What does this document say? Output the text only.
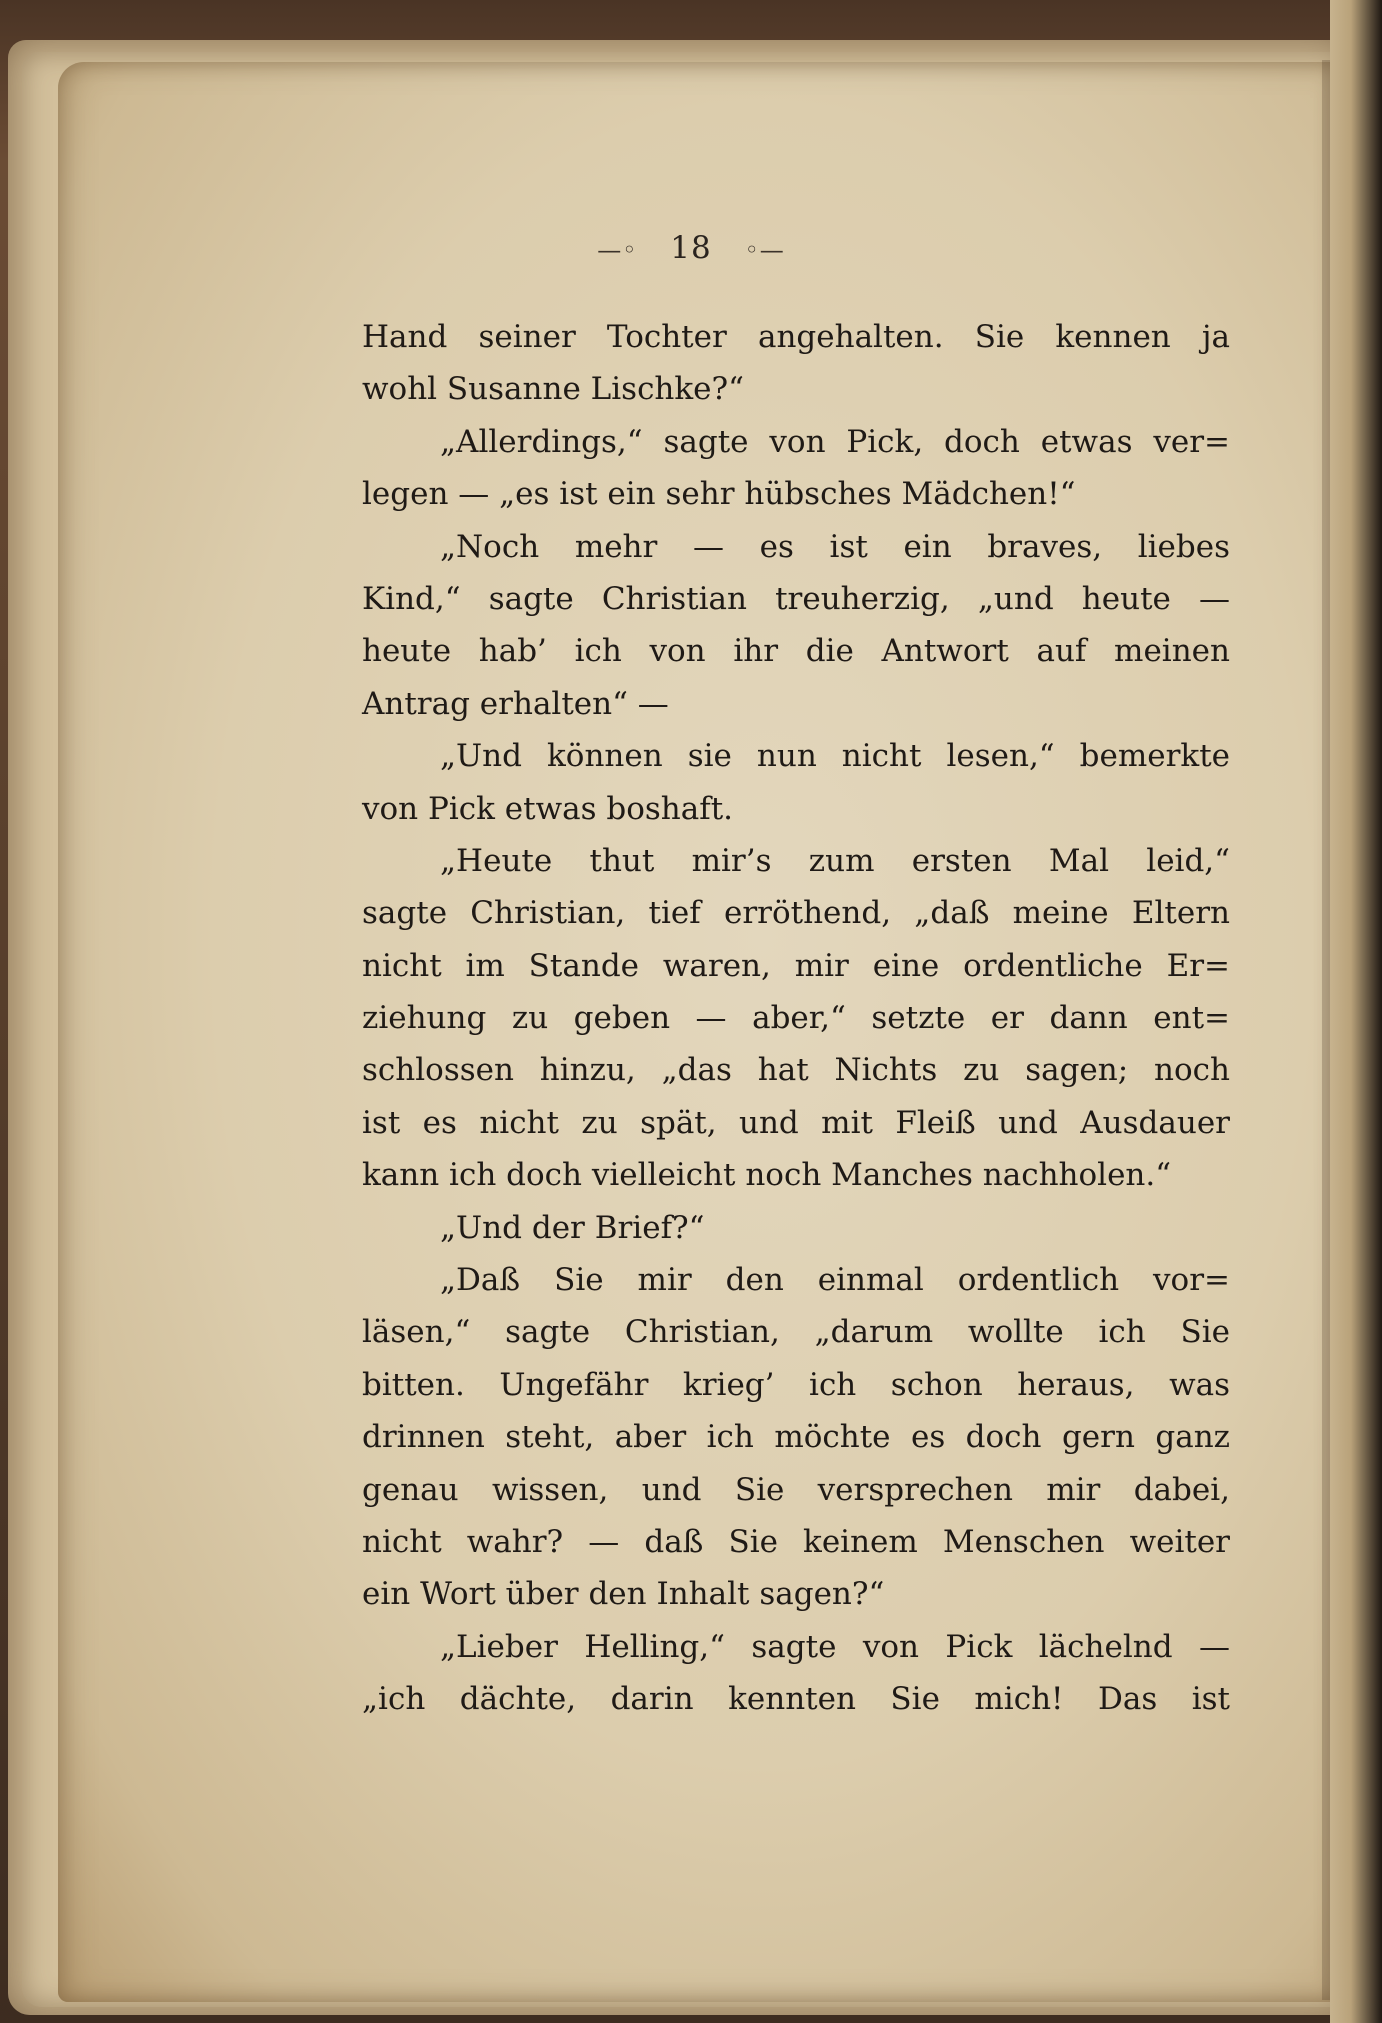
—◦ 18 ◦—
Hand seiner Tochter angehalten. Sie kennen ja
wohl Susanne Lischke?“
„Allerdings,“ sagte von Pick, doch etwas ver=
legen — „es ist ein sehr hübsches Mädchen!“
„Noch mehr — es ist ein braves, liebes
Kind,“ sagte Christian treuherzig, „und heute —
heute hab’ ich von ihr die Antwort auf meinen
Antrag erhalten“ —
„Und können sie nun nicht lesen,“ bemerkte
von Pick etwas boshaft.
„Heute thut mir’s zum ersten Mal leid,“
sagte Christian, tief erröthend, „daß meine Eltern
nicht im Stande waren, mir eine ordentliche Er=
ziehung zu geben — aber,“ setzte er dann ent=
schlossen hinzu, „das hat Nichts zu sagen; noch
ist es nicht zu spät, und mit Fleiß und Ausdauer
kann ich doch vielleicht noch Manches nachholen.“
„Und der Brief?“
„Daß Sie mir den einmal ordentlich vor=
läsen,“ sagte Christian, „darum wollte ich Sie
bitten. Ungefähr krieg’ ich schon heraus, was
drinnen steht, aber ich möchte es doch gern ganz
genau wissen, und Sie versprechen mir dabei,
nicht wahr? — daß Sie keinem Menschen weiter
ein Wort über den Inhalt sagen?“
„Lieber Helling,“ sagte von Pick lächelnd —
„ich dächte, darin kennten Sie mich! Das ist
